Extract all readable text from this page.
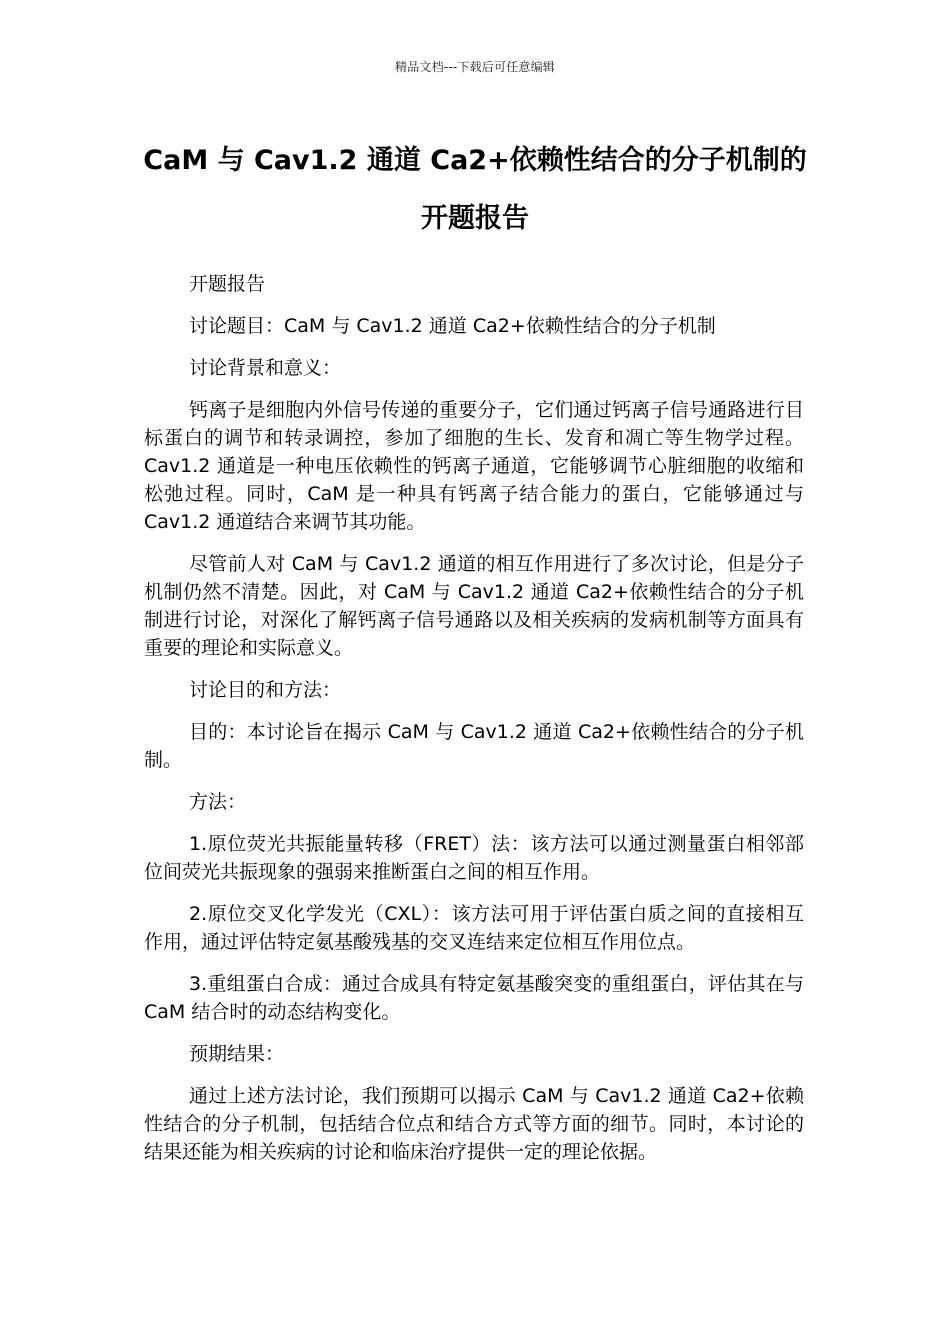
精品文档---下载后可任意编辑
CaM 与 Cav1.2 通道 Ca2+依赖性结合的分子机制的
开题报告

开题报告

讨论题目：CaM 与 Cav1.2 通道 Ca2+依赖性结合的分子机制

讨论背景和意义：

钙离子是细胞内外信号传递的重要分子，它们通过钙离子信号通路进行目标蛋白的调节和转录调控，参加了细胞的生长、发育和凋亡等生物学过程。Cav1.2 通道是一种电压依赖性的钙离子通道，它能够调节心脏细胞的收缩和松弛过程。同时，CaM 是一种具有钙离子结合能力的蛋白，它能够通过与 Cav1.2 通道结合来调节其功能。

尽管前人对 CaM 与 Cav1.2 通道的相互作用进行了多次讨论，但是分子机制仍然不清楚。因此，对 CaM 与 Cav1.2 通道 Ca2+依赖性结合的分子机制进行讨论，对深化了解钙离子信号通路以及相关疾病的发病机制等方面具有重要的理论和实际意义。

讨论目的和方法：

目的：本讨论旨在揭示 CaM 与 Cav1.2 通道 Ca2+依赖性结合的分子机制。

方法：

1.原位荧光共振能量转移（FRET）法：该方法可以通过测量蛋白相邻部位间荧光共振现象的强弱来推断蛋白之间的相互作用。

2.原位交叉化学发光（CXL）：该方法可用于评估蛋白质之间的直接相互作用，通过评估特定氨基酸残基的交叉连结来定位相互作用位点。

3.重组蛋白合成：通过合成具有特定氨基酸突变的重组蛋白，评估其在与 CaM 结合时的动态结构变化。

预期结果：

通过上述方法讨论，我们预期可以揭示 CaM 与 Cav1.2 通道 Ca2+依赖性结合的分子机制，包括结合位点和结合方式等方面的细节。同时，本讨论的结果还能为相关疾病的讨论和临床治疗提供一定的理论依据。
